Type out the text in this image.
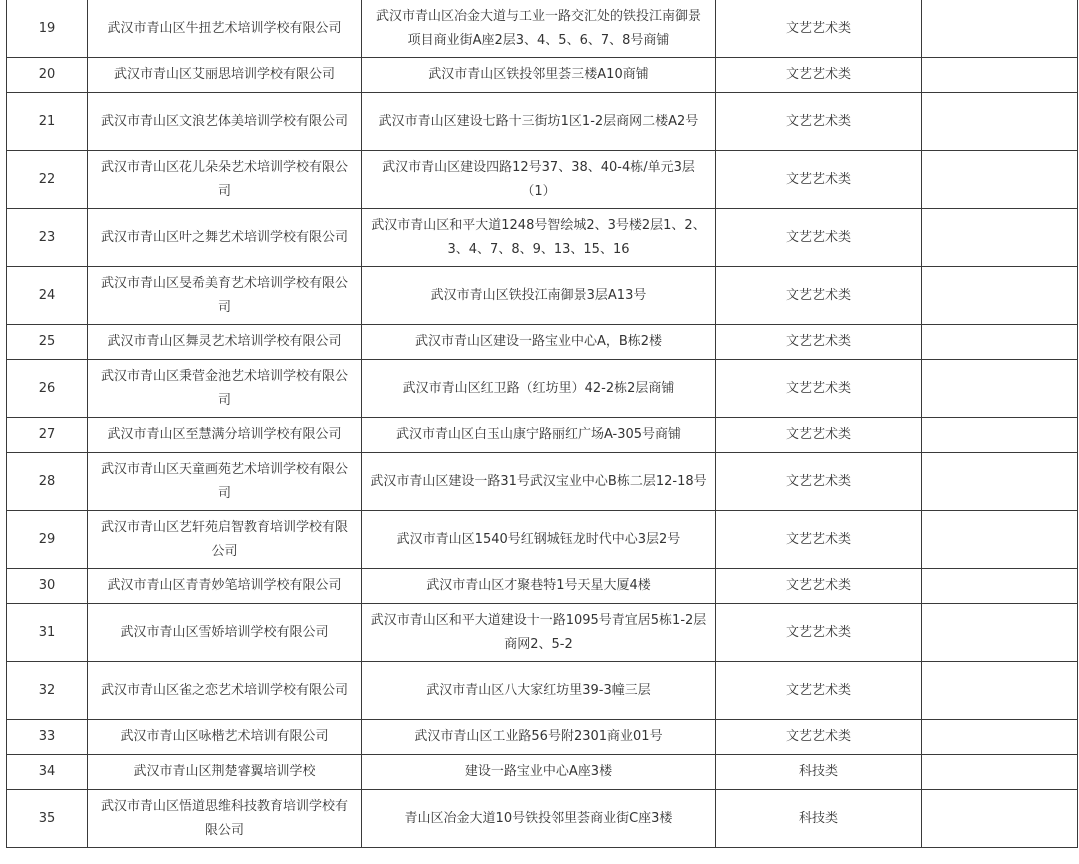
19	武汉市青山区牛扭艺术培训学校有限公司	武汉市青山区冶金大道与工业一路交汇处的铁投江南御景项目商业街A座2层3、4、5、6、7、8号商铺	文艺艺术类	
20	武汉市青山区艾丽思培训学校有限公司	武汉市青山区铁投邻里荟三楼A10商铺	文艺艺术类	
21	武汉市青山区文浪艺体美培训学校有限公司	武汉市青山区建设七路十三街坊1区1-2层商网二楼A2号	文艺艺术类	
22	武汉市青山区花儿朵朵艺术培训学校有限公司	武汉市青山区建设四路12号37、38、40-4栋/单元3层（1）	文艺艺术类	
23	武汉市青山区叶之舞艺术培训学校有限公司	武汉市青山区和平大道1248号智绘城2、3号楼2层1、2、3、4、7、8、9、13、15、16	文艺艺术类	
24	武汉市青山区旻希美育艺术培训学校有限公司	武汉市青山区铁投江南御景3层A13号	文艺艺术类	
25	武汉市青山区舞灵艺术培训学校有限公司	武汉市青山区建设一路宝业中心A，B栋2楼	文艺艺术类	
26	武汉市青山区秉菅金池艺术培训学校有限公司	武汉市青山区红卫路（红坊里）42-2栋2层商铺	文艺艺术类	
27	武汉市青山区至慧满分培训学校有限公司	武汉市青山区白玉山康宁路丽红广场A-305号商铺	文艺艺术类	
28	武汉市青山区天童画苑艺术培训学校有限公司	武汉市青山区建设一路31号武汉宝业中心B栋二层12-18号	文艺艺术类	
29	武汉市青山区艺轩苑启智教育培训学校有限公司	武汉市青山区1540号红钢城钰龙时代中心3层2号	文艺艺术类	
30	武汉市青山区青青妙笔培训学校有限公司	武汉市青山区才聚巷特1号天星大厦4楼	文艺艺术类	
31	武汉市青山区雪娇培训学校有限公司	武汉市青山区和平大道建设十一路1095号青宜居5栋1-2层商网2、5-2	文艺艺术类	
32	武汉市青山区雀之恋艺术培训学校有限公司	武汉市青山区八大家红坊里39-3幢三层	文艺艺术类	
33	武汉市青山区咏楷艺术培训有限公司	武汉市青山区工业路56号附2301商业01号	文艺艺术类	
34	武汉市青山区荆楚睿翼培训学校	建设一路宝业中心A座3楼	科技类	
35	武汉市青山区悟道思维科技教育培训学校有限公司	青山区冶金大道10号铁投邻里荟商业街C座3楼	科技类	
